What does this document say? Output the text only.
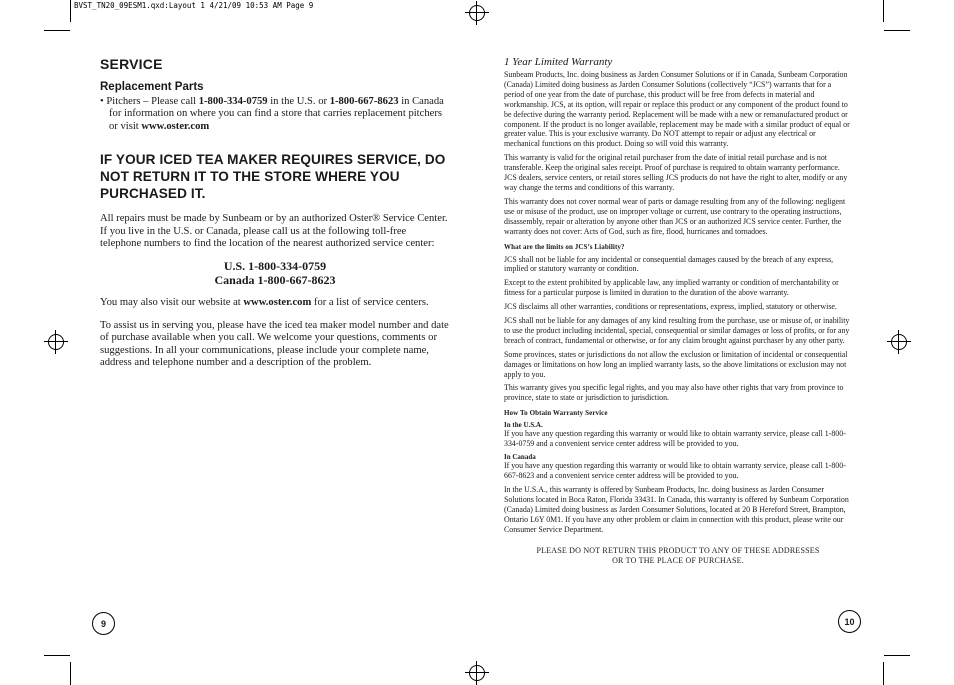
BVST_TN20_09ESM1.qxd:Layout 1 4/21/09 10:53 AM Page 9
SERVICE
Replacement Parts

• Pitchers – Please call 1-800-334-0759 in the U.S. or 1-800-667-8623 in Canada for information on where you can find a store that carries replacement pitchers or visit www.oster.com

IF YOUR ICED TEA MAKER REQUIRES SERVICE, DO NOT RETURN IT TO THE STORE WHERE YOU PURCHASED IT.

All repairs must be made by Sunbeam or by an authorized Oster® Service Center. If you live in the U.S. or Canada, please call us at the following toll-free telephone numbers to find the location of the nearest authorized service center:

U.S. 1-800-334-0759
Canada 1-800-667-8623

You may also visit our website at www.oster.com for a list of service centers.

To assist us in serving you, please have the iced tea maker model number and date of purchase available when you call. We welcome your questions, comments or suggestions. In all your communications, please include your complete name, address and telephone number and a description of the problem.

9
1 Year Limited Warranty

Sunbeam Products, Inc. doing business as Jarden Consumer Solutions or if in Canada, Sunbeam Corporation (Canada) Limited doing business as Jarden Consumer Solutions (collectively “JCS”) warrants that for a period of one year from the date of purchase, this product will be free from defects in material and workmanship. JCS, at its option, will repair or replace this product or any component of the product found to be defective during the warranty period. Replacement will be made with a new or remanufactured product or component. If the product is no longer available, replacement may be made with a similar product of equal or greater value. This is your exclusive warranty. Do NOT attempt to repair or adjust any electrical or mechanical functions on this product. Doing so will void this warranty.

This warranty is valid for the original retail purchaser from the date of initial retail purchase and is not transferable. Keep the original sales receipt. Proof of purchase is required to obtain warranty performance. JCS dealers, service centers, or retail stores selling JCS products do not have the right to alter, modify or any way change the terms and conditions of this warranty.

This warranty does not cover normal wear of parts or damage resulting from any of the following: negligent use or misuse of the product, use on improper voltage or current, use contrary to the operating instructions, disassembly, repair or alteration by anyone other than JCS or an authorized JCS service center. Further, the warranty does not cover: Acts of God, such as fire, flood, hurricanes and tornadoes.

What are the limits on JCS’s Liability?

JCS shall not be liable for any incidental or consequential damages caused by the breach of any express, implied or statutory warranty or condition.

Except to the extent prohibited by applicable law, any implied warranty or condition of merchantability or fitness for a particular purpose is limited in duration to the duration of the above warranty.

JCS disclaims all other warranties, conditions or representations, express, implied, statutory or otherwise.

JCS shall not be liable for any damages of any kind resulting from the purchase, use or misuse of, or inability to use the product including incidental, special, consequential or similar damages or loss of profits, or for any breach of contract, fundamental or otherwise, or for any claim brought against purchaser by any other party.

Some provinces, states or jurisdictions do not allow the exclusion or limitation of incidental or consequential damages or limitations on how long an implied warranty lasts, so the above limitations or exclusion may not apply to you.

This warranty gives you specific legal rights, and you may also have other rights that vary from province to province, state to state or jurisdiction to jurisdiction.

How To Obtain Warranty Service
In the U.S.A.

If you have any question regarding this warranty or would like to obtain warranty service, please call 1-800-334-0759 and a convenient service center address will be provided to you.

In Canada

If you have any question regarding this warranty or would like to obtain warranty service, please call 1-800-667-8623 and a convenient service center address will be provided to you.

In the U.S.A., this warranty is offered by Sunbeam Products, Inc. doing business as Jarden Consumer Solutions located in Boca Raton, Florida 33431. In Canada, this warranty is offered by Sunbeam Corporation (Canada) Limited doing business as Jarden Consumer Solutions, located at 20 B Hereford Street, Brampton, Ontario L6Y 0M1. If you have any other problem or claim in connection with this product, please write our Consumer Service Department.

PLEASE DO NOT RETURN THIS PRODUCT TO ANY OF THESE ADDRESSES
OR TO THE PLACE OF PURCHASE.
10
